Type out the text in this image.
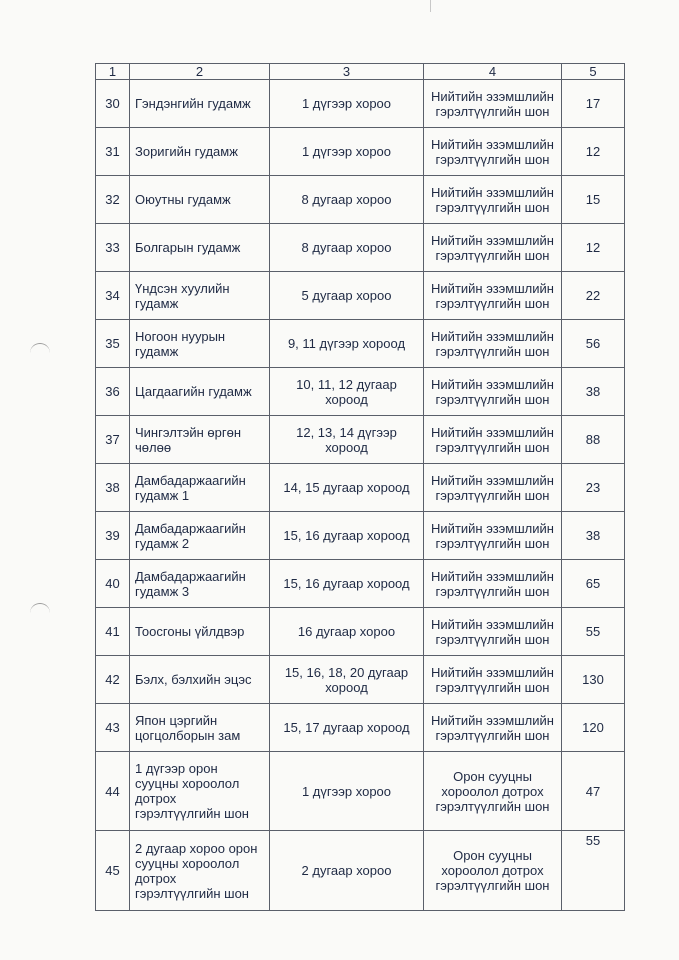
1	2	3	4	5
30	Гэндэнгийн гудамж	1 дүгээр хороо	Нийтийн эзэмшлийн гэрэлтүүлгийн шон	17
31	Зоригийн гудамж	1 дүгээр хороо	Нийтийн эзэмшлийн гэрэлтүүлгийн шон	12
32	Оюутны гудамж	8 дугаар хороо	Нийтийн эзэмшлийн гэрэлтүүлгийн шон	15
33	Болгарын гудамж	8 дугаар хороо	Нийтийн эзэмшлийн гэрэлтүүлгийн шон	12
34	Үндсэн хуулийн гудамж	5 дугаар хороо	Нийтийн эзэмшлийн гэрэлтүүлгийн шон	22
35	Ногоон нуурын гудамж	9, 11 дүгээр хороод	Нийтийн эзэмшлийн гэрэлтүүлгийн шон	56
36	Цагдаагийн гудамж	10, 11, 12 дугаар хороод	Нийтийн эзэмшлийн гэрэлтүүлгийн шон	38
37	Чингэлтэйн өргөн чөлөө	12, 13, 14 дүгээр хороод	Нийтийн эзэмшлийн гэрэлтүүлгийн шон	88
38	Дамбадаржаагийн гудамж 1	14, 15 дугаар хороод	Нийтийн эзэмшлийн гэрэлтүүлгийн шон	23
39	Дамбадаржаагийн гудамж 2	15, 16 дугаар хороод	Нийтийн эзэмшлийн гэрэлтүүлгийн шон	38
40	Дамбадаржаагийн гудамж 3	15, 16 дугаар хороод	Нийтийн эзэмшлийн гэрэлтүүлгийн шон	65
41	Тоосгоны үйлдвэр	16 дугаар хороо	Нийтийн эзэмшлийн гэрэлтүүлгийн шон	55
42	Бэлх, бэлхийн эцэс	15, 16, 18, 20 дугаар хороод	Нийтийн эзэмшлийн гэрэлтүүлгийн шон	130
43	Япон цэргийн цогцолборын зам	15, 17 дугаар хороод	Нийтийн эзэмшлийн гэрэлтүүлгийн шон	120
44	1 дүгээр орон сууцны хороолол дотрох гэрэлтүүлгийн шон	1 дүгээр хороо	Орон сууцны хороолол дотрох гэрэлтүүлгийн шон	47
45	2 дугаар хороо орон сууцны хороолол дотрох гэрэлтүүлгийн шон	2 дугаар хороо	Орон сууцны хороолол дотрох гэрэлтүүлгийн шон	55
